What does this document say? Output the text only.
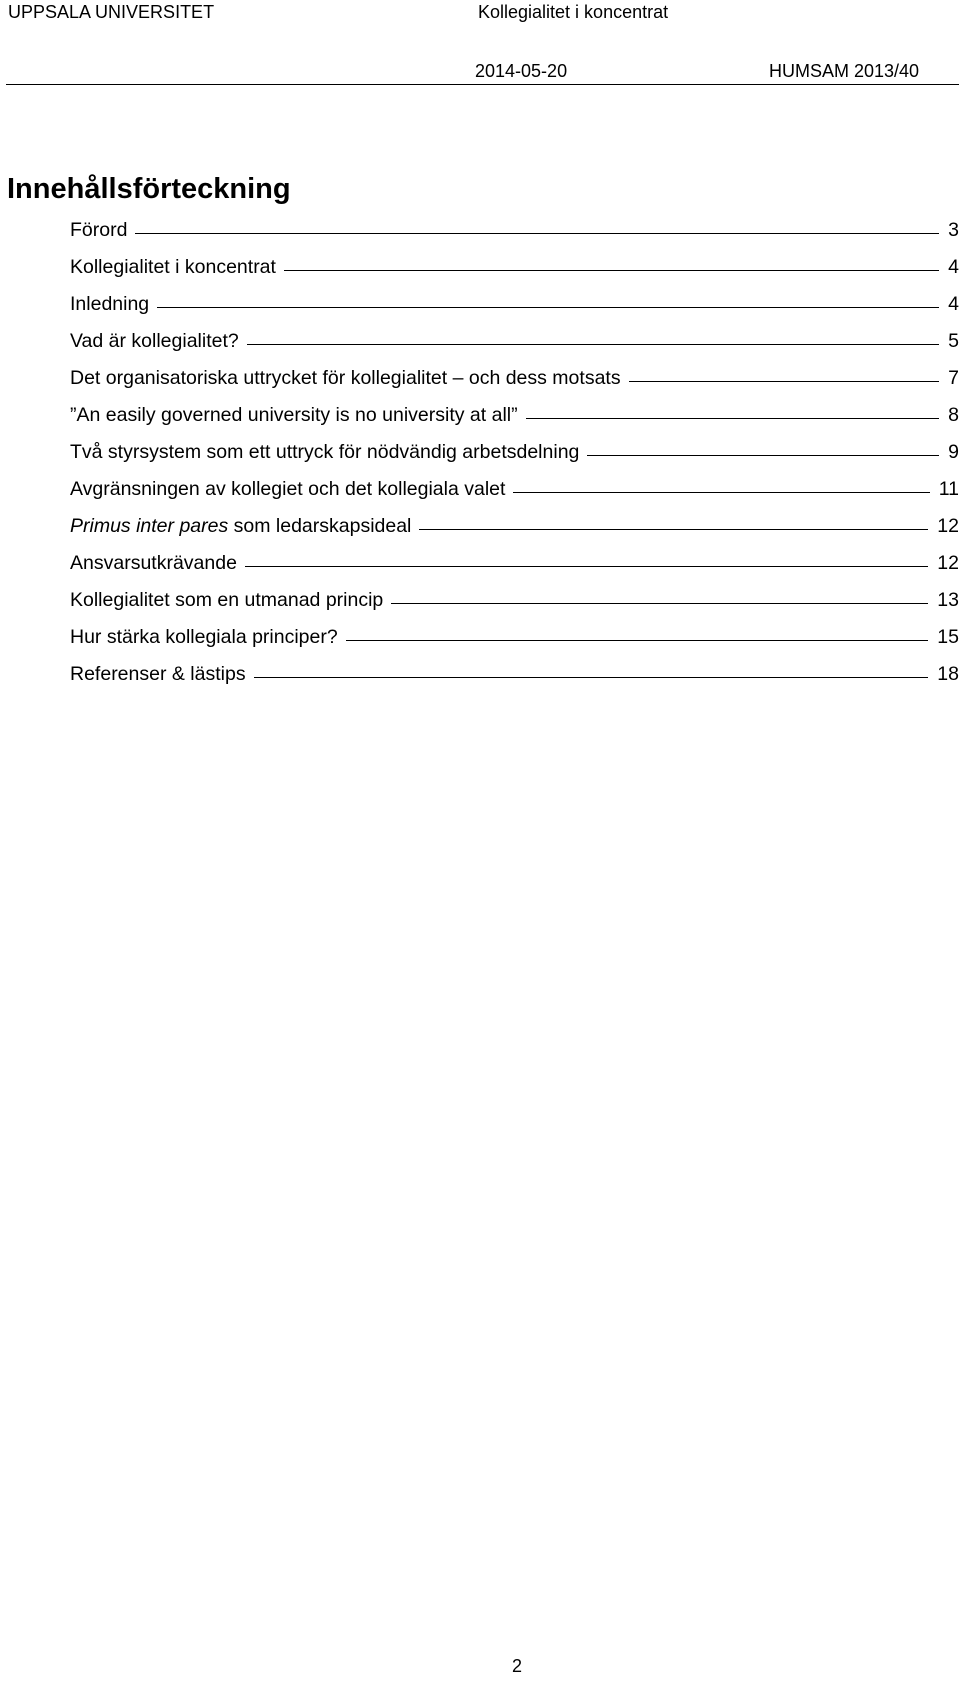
UPPSALA UNIVERSITET	Kollegialitet i koncentrat
2014-05-20	HUMSAM 2013/40
Innehållsförteckning
Förord	3
Kollegialitet i koncentrat	4
Inledning	4
Vad är kollegialitet?	5
Det organisatoriska uttrycket för kollegialitet – och dess motsats	7
”An easily governed university is no university at all”	8
Två styrsystem som ett uttryck för nödvändig arbetsdelning	9
Avgränsningen av kollegiet och det kollegiala valet	11
Primus inter pares som ledarskapsideal	12
Ansvarsutkrävande	12
Kollegialitet som en utmanad princip	13
Hur stärka kollegiala principer?	15
Referenser & lästips	18
2
